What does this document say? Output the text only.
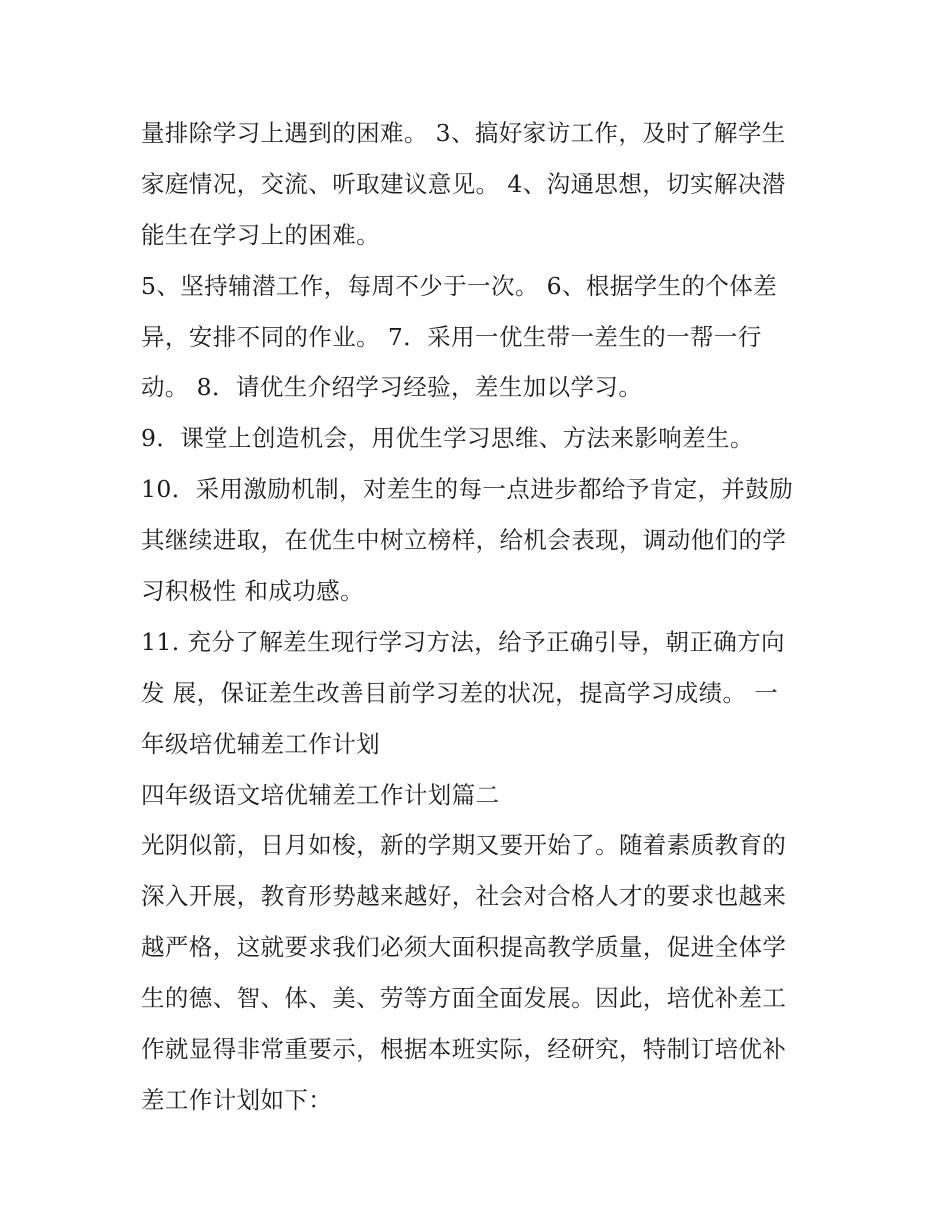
量排除学习上遇到的困难。 3、搞好家访工作，及时了解学生
家庭情况，交流、听取建议意见。 4、沟通思想，切实解决潜
能生在学习上的困难。
5、坚持辅潜工作，每周不少于一次。 6、根据学生的个体差
异，安排不同的作业。 7．采用一优生带一差生的一帮一行
动。 8．请优生介绍学习经验，差生加以学习。
9．课堂上创造机会，用优生学习思维、方法来影响差生。
10．采用激励机制，对差生的每一点进步都给予肯定，并鼓励
其继续进取，在优生中树立榜样，给机会表现，调动他们的学
习积极性 和成功感。
11. 充分了解差生现行学习方法，给予正确引导，朝正确方向
发 展，保证差生改善目前学习差的状况，提高学习成绩。 一
年级培优辅差工作计划
四年级语文培优辅差工作计划篇二
光阴似箭，日月如梭，新的学期又要开始了。随着素质教育的
深入开展，教育形势越来越好，社会对合格人才的要求也越来
越严格，这就要求我们必须大面积提高教学质量，促进全体学
生的德、智、体、美、劳等方面全面发展。因此，培优补差工
作就显得非常重要示，根据本班实际，经研究，特制订培优补
差工作计划如下：
